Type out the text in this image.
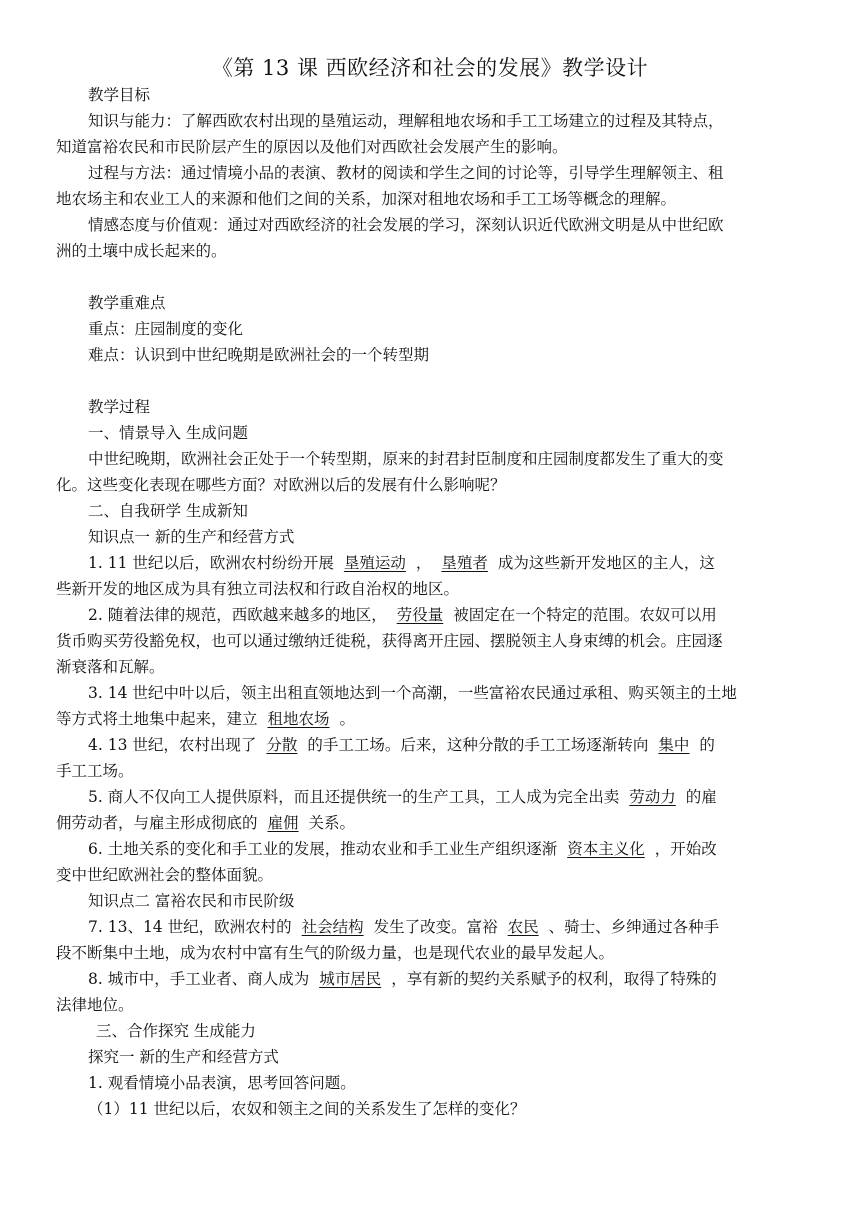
《第 13 课 西欧经济和社会的发展》教学设计
教学目标
知识与能力：了解西欧农村出现的垦殖运动，理解租地农场和手工工场建立的过程及其特点，
知道富裕农民和市民阶层产生的原因以及他们对西欧社会发展产生的影响。
过程与方法：通过情境小品的表演、教材的阅读和学生之间的讨论等，引导学生理解领主、租
地农场主和农业工人的来源和他们之间的关系，加深对租地农场和手工工场等概念的理解。
情感态度与价值观：通过对西欧经济的社会发展的学习，深刻认识近代欧洲文明是从中世纪欧
洲的土壤中成长起来的。
教学重难点
重点：庄园制度的变化
难点：认识到中世纪晚期是欧洲社会的一个转型期
教学过程
一、情景导入 生成问题
中世纪晚期，欧洲社会正处于一个转型期，原来的封君封臣制度和庄园制度都发生了重大的变
化。这些变化表现在哪些方面？对欧洲以后的发展有什么影响呢？
二、自我研学 生成新知
知识点一 新的生产和经营方式
1. 11 世纪以后，欧洲农村纷纷开展 垦殖运动 ， 垦殖者 成为这些新开发地区的主人，这
些新开发的地区成为具有独立司法权和行政自治权的地区。
2. 随着法律的规范，西欧越来越多的地区， 劳役量 被固定在一个特定的范围。农奴可以用
货币购买劳役豁免权，也可以通过缴纳迁徙税，获得离开庄园、摆脱领主人身束缚的机会。庄园逐
渐衰落和瓦解。
3. 14 世纪中叶以后，领主出租直领地达到一个高潮，一些富裕农民通过承租、购买领主的土地
等方式将土地集中起来，建立 租地农场 。
4. 13 世纪，农村出现了 分散 的手工工场。后来，这种分散的手工工场逐渐转向 集中 的
手工工场。
5. 商人不仅向工人提供原料，而且还提供统一的生产工具，工人成为完全出卖 劳动力 的雇
佣劳动者，与雇主形成彻底的 雇佣 关系。
6. 土地关系的变化和手工业的发展，推动农业和手工业生产组织逐渐 资本主义化 ，开始改
变中世纪欧洲社会的整体面貌。
知识点二 富裕农民和市民阶级
7. 13、14 世纪，欧洲农村的 社会结构 发生了改变。富裕 农民 、骑士、乡绅通过各种手
段不断集中土地，成为农村中富有生气的阶级力量，也是现代农业的最早发起人。
8. 城市中，手工业者、商人成为 城市居民 ，享有新的契约关系赋予的权利，取得了特殊的
法律地位。
三、合作探究 生成能力
探究一 新的生产和经营方式
1. 观看情境小品表演，思考回答问题。
（1）11 世纪以后，农奴和领主之间的关系发生了怎样的变化？
